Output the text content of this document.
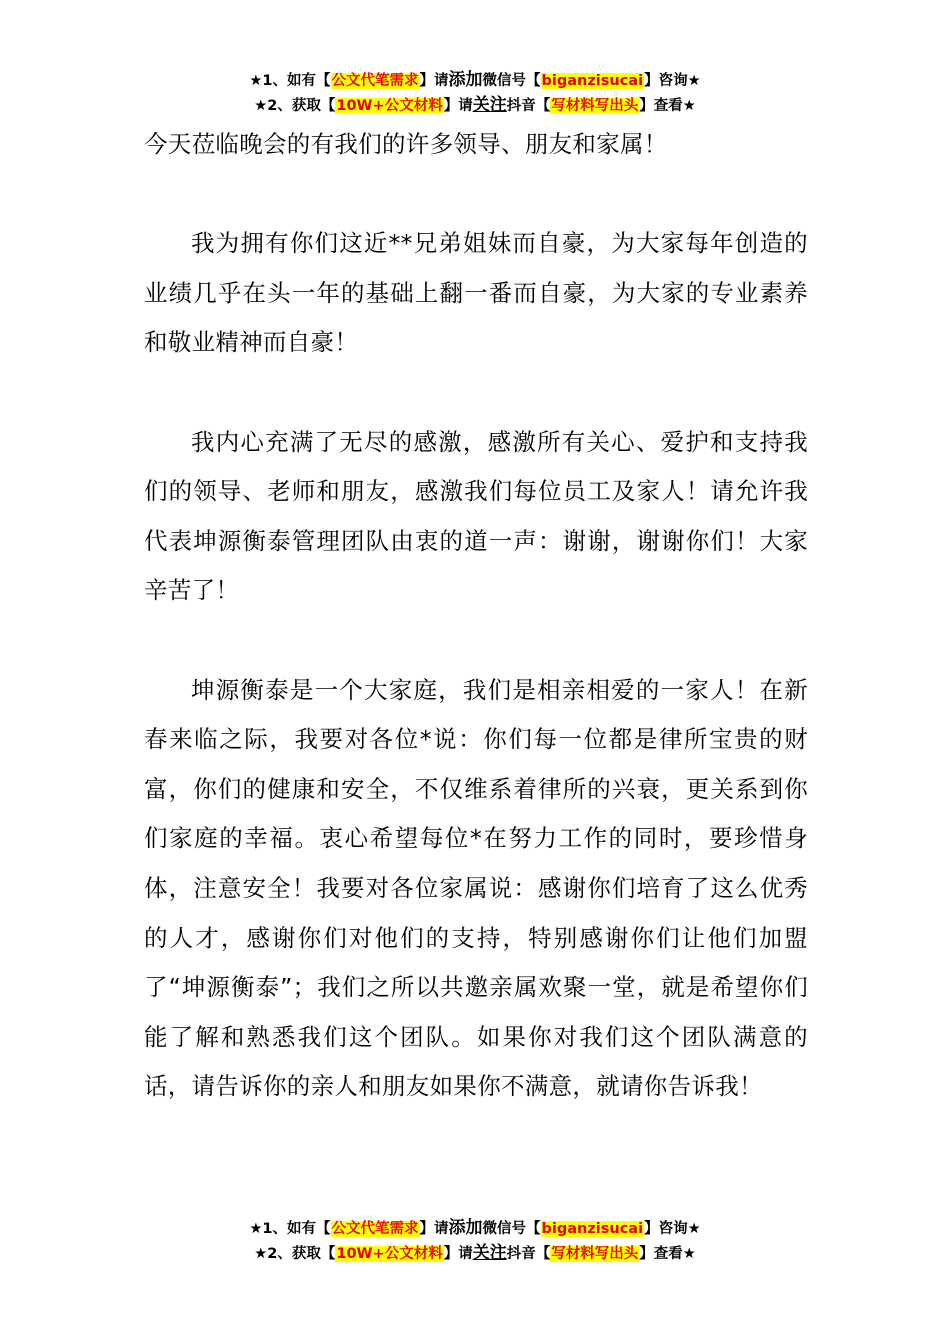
★1、如有【公文代笔需求】请添加微信号【biganzisucai】咨询★
★2、获取【10W+公文材料】请关注抖音【写材料写出头】查看★

今天莅临晚会的有我们的许多领导、朋友和家属！

我为拥有你们这近**兄弟姐妹而自豪，为大家每年创造的业绩几乎在头一年的基础上翻一番而自豪，为大家的专业素养和敬业精神而自豪！

我内心充满了无尽的感激，感激所有关心、爱护和支持我们的领导、老师和朋友，感激我们每位员工及家人！请允许我代表坤源衡泰管理团队由衷的道一声：谢谢，谢谢你们！大家辛苦了！

坤源衡泰是一个大家庭，我们是相亲相爱的一家人！在新春来临之际，我要对各位*说：你们每一位都是律所宝贵的财富，你们的健康和安全，不仅维系着律所的兴衰，更关系到你们家庭的幸福。衷心希望每位*在努力工作的同时，要珍惜身体，注意安全！我要对各位家属说：感谢你们培育了这么优秀的人才，感谢你们对他们的支持，特别感谢你们让他们加盟了“坤源衡泰”；我们之所以共邀亲属欢聚一堂，就是希望你们能了解和熟悉我们这个团队。如果你对我们这个团队满意的话，请告诉你的亲人和朋友如果你不满意，就请你告诉我！

★1、如有【公文代笔需求】请添加微信号【biganzisucai】咨询★
★2、获取【10W+公文材料】请关注抖音【写材料写出头】查看★
